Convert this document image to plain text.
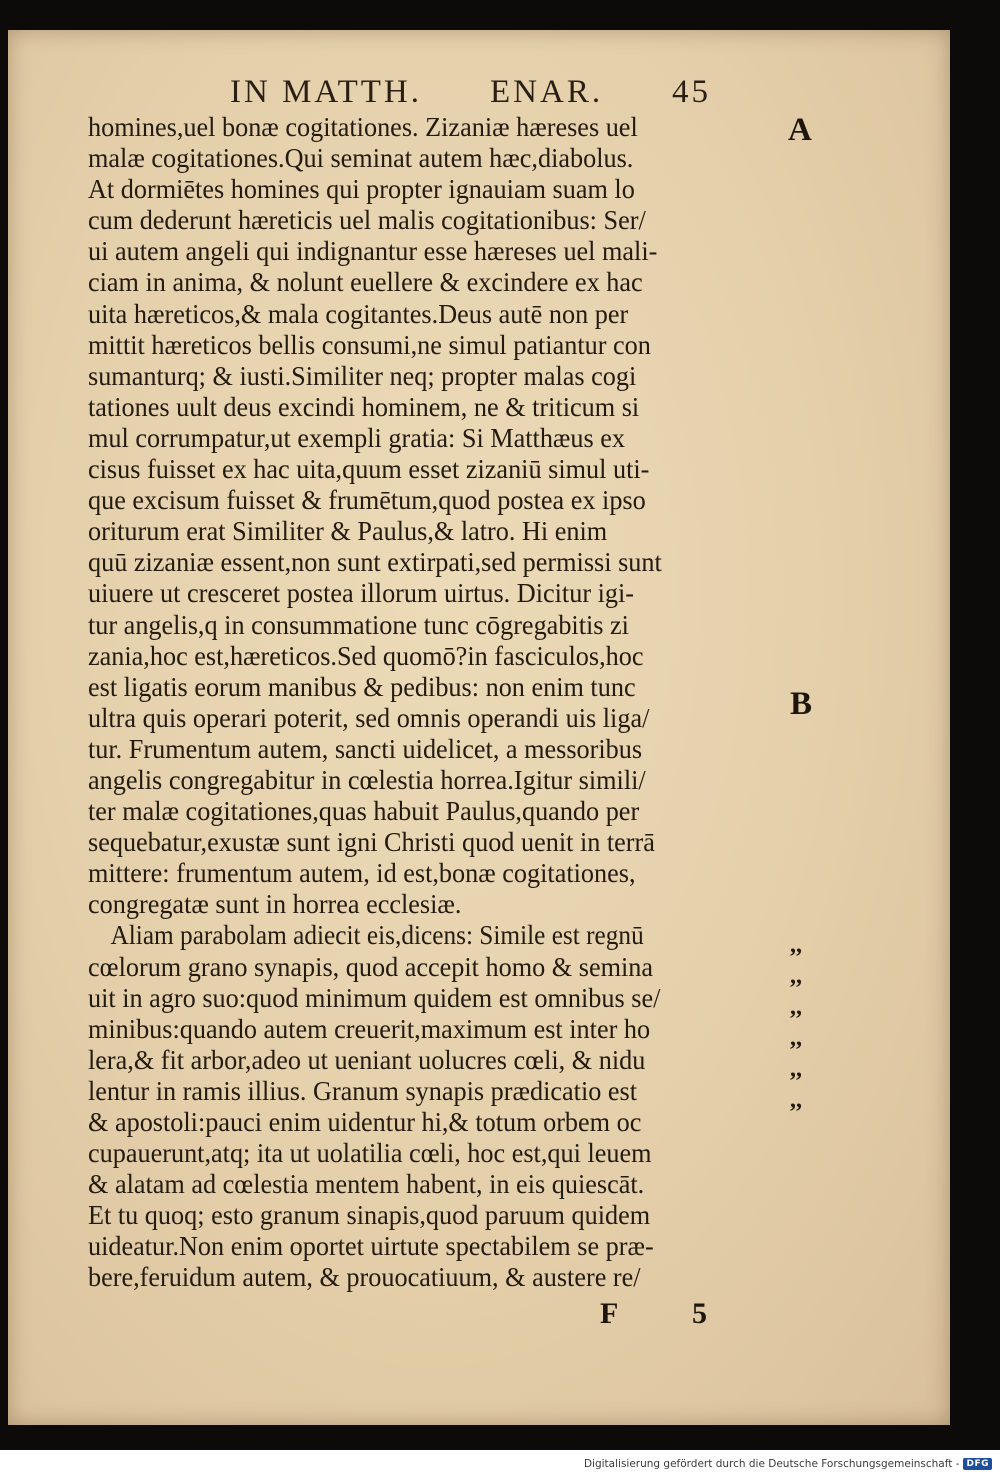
IN MATTH. ENAR. 45
A
B
homines,uel bonæ cogitationes. Zizaniæ hæreses uel
malæ cogitationes.Qui seminat autem hæc,diabolus.
At dormiētes homines qui propter ignauiam suam lo
cum dederunt hæreticis uel malis cogitationibus: Ser/
ui autem angeli qui indignantur esse hæreses uel mali-
ciam in anima, & nolunt euellere & excindere ex hac
uita hæreticos,& mala cogitantes.Deus autē non per
mittit hæreticos bellis consumi,ne simul patiantur con
sumanturq; & iusti.Similiter neq; propter malas cogi
tationes uult deus excindi hominem, ne & triticum si
mul corrumpatur,ut exempli gratia: Si Matthæus ex
cisus fuisset ex hac uita,quum esset zizaniū simul uti-
que excisum fuisset & frumētum,quod postea ex ipso
oriturum erat Similiter & Paulus,& latro. Hi enim
quū zizaniæ essent,non sunt extirpati,sed permissi sunt
uiuere ut cresceret postea illorum uirtus. Dicitur igi-
tur angelis,q in consummatione tunc cōgregabitis zi
zania,hoc est,hæreticos.Sed quomō?in fasciculos,hoc
est ligatis eorum manibus & pedibus: non enim tunc
ultra quis operari poterit, sed omnis operandi uis liga/
tur. Frumentum autem, sancti uidelicet, a messoribus
angelis congregabitur in cœlestia horrea.Igitur simili/
ter malæ cogitationes,quas habuit Paulus,quando per
sequebatur,exustæ sunt igni Christi quod uenit in terrā
mittere: frumentum autem, id est,bonæ cogitationes,
congregatæ sunt in horrea ecclesiæ.
Aliam parabolam adiecit eis,dicens: Simile est regnū
cœlorum grano synapis, quod accepit homo & semina
uit in agro suo:quod minimum quidem est omnibus se/
minibus:quando autem creuerit,maximum est inter ho
lera,& fit arbor,adeo ut ueniant uolucres cœli, & nidu
lentur in ramis illius. Granum synapis prædicatio est
& apostoli:pauci enim uidentur hi,& totum orbem oc
cupauerunt,atq; ita ut uolatilia cœli, hoc est,qui leuem
& alatam ad cœlestia mentem habent, in eis quiescāt.
Et tu quoq; esto granum sinapis,quod paruum quidem
uideatur.Non enim oportet uirtute spectabilem se præ-
bere,feruidum autem, & prouocatiuum, & austere re/
,,
,,
,,
,,
,,
,,
F 5
Digitalisierung gefördert durch die Deutsche Forschungsgemeinschaft - DFG
